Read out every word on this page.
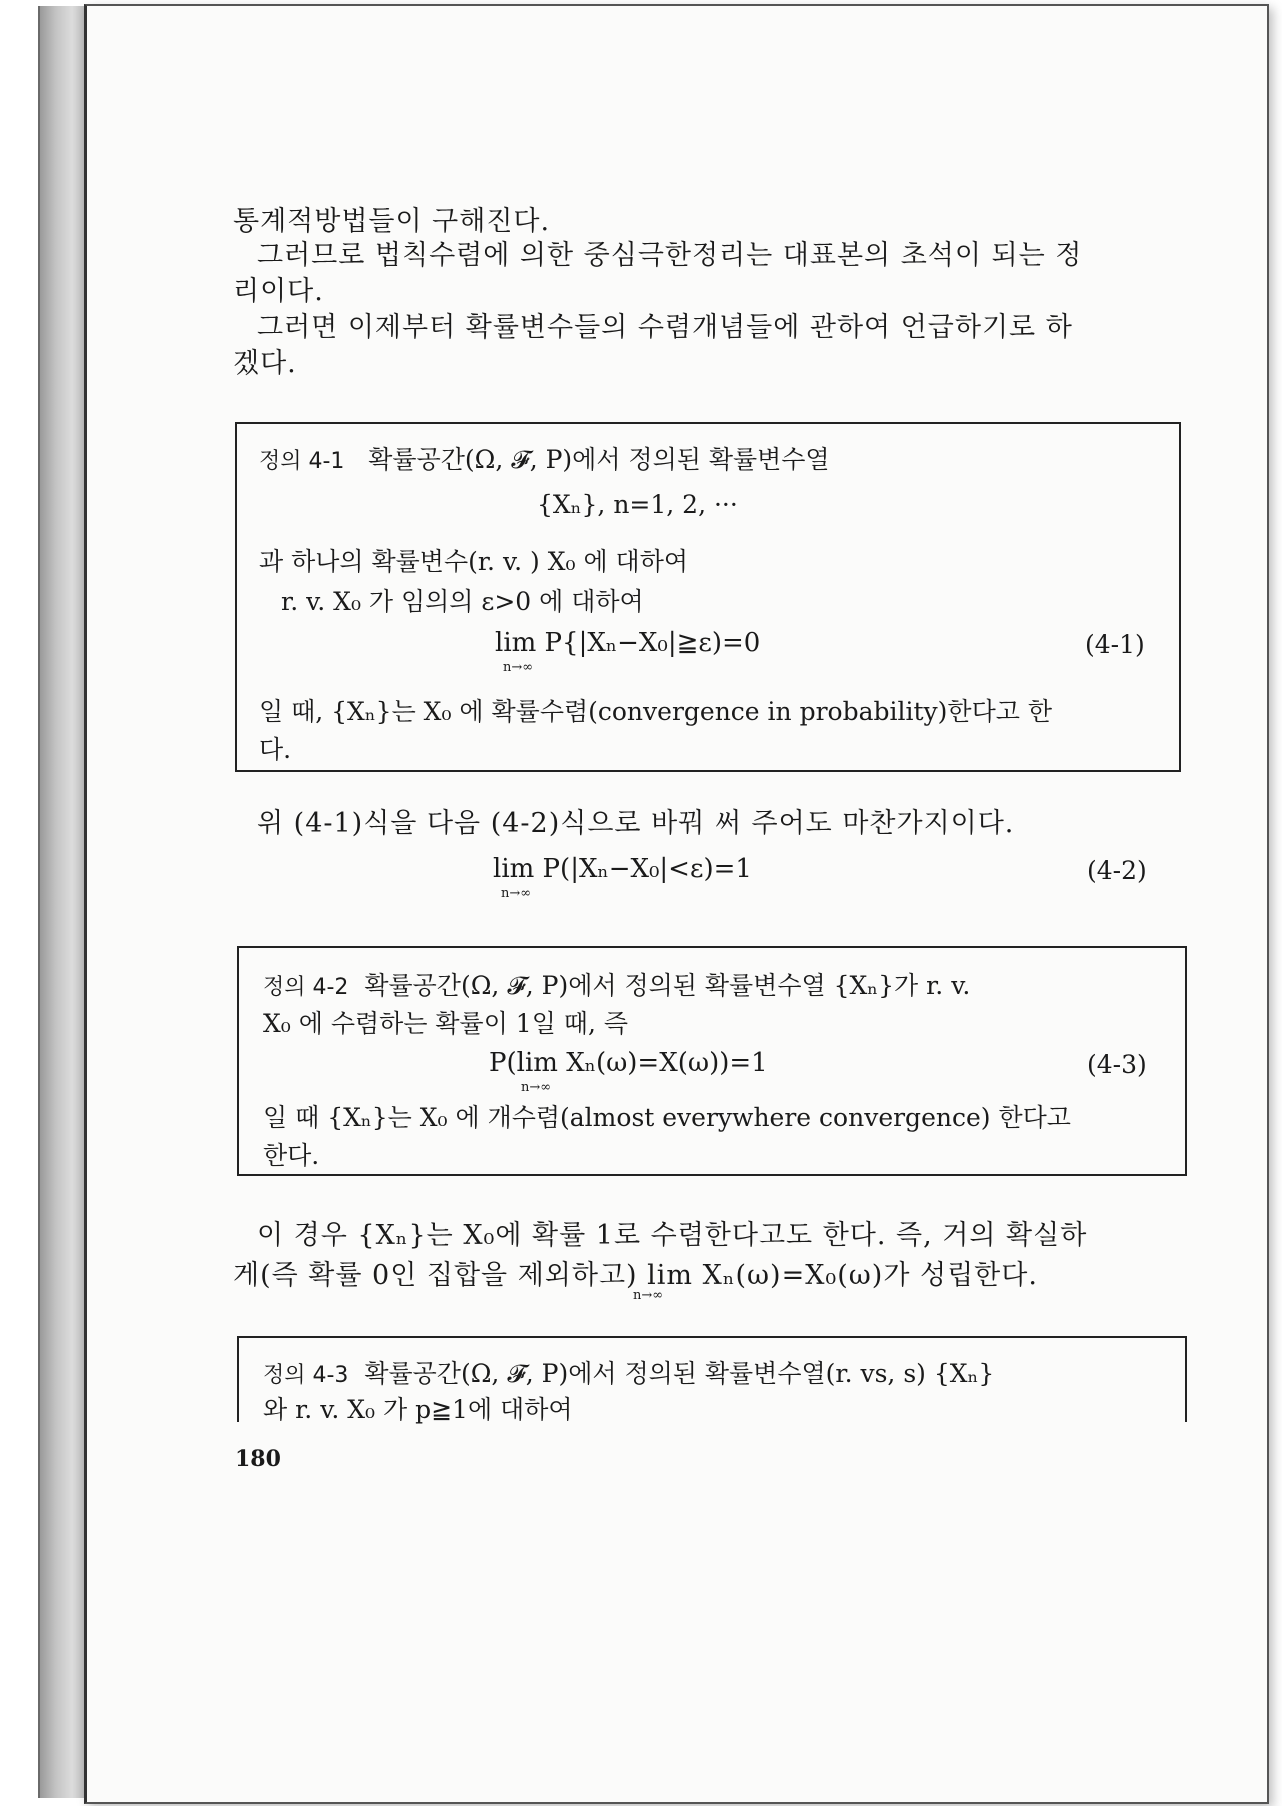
통계적방법들이 구해진다.
그러므로 법칙수렴에 의한 중심극한정리는 대표본의 초석이 되는 정
리이다.
그러면 이제부터 확률변수들의 수렴개념들에 관하여 언급하기로 하
겠다.
정의 4-1 확률공간(Ω, 𝓕, P)에서 정의된 확률변수열
{Xₙ}, n=1, 2, ···
과 하나의 확률변수(r. v. ) X₀ 에 대하여
r. v. X₀ 가 임의의 ε>0 에 대하여
lim P{|Xₙ−X₀|≧ε)=0
n→∞
(4-1)
일 때, {Xₙ}는 X₀ 에 확률수렴(convergence in probability)한다고 한
다.
위 (4-1)식을 다음 (4-2)식으로 바꿔 써 주어도 마찬가지이다.
lim P(|Xₙ−X₀|<ε)=1
n→∞
(4-2)
정의 4-2 확률공간(Ω, 𝓕, P)에서 정의된 확률변수열 {Xₙ}가 r. v.
X₀ 에 수렴하는 확률이 1일 때, 즉
P(lim Xₙ(ω)=X(ω))=1
n→∞
(4-3)
일 때 {Xₙ}는 X₀ 에 개수렴(almost everywhere convergence) 한다고
한다.
이 경우 {Xₙ}는 X₀에 확률 1로 수렴한다고도 한다. 즉, 거의 확실하
게(즉 확률 0인 집합을 제외하고) lim Xₙ(ω)=X₀(ω)가 성립한다.
n→∞
정의 4-3 확률공간(Ω, 𝓕, P)에서 정의된 확률변수열(r. vs, s) {Xₙ}
와 r. v. X₀ 가 p≧1에 대하여
180
